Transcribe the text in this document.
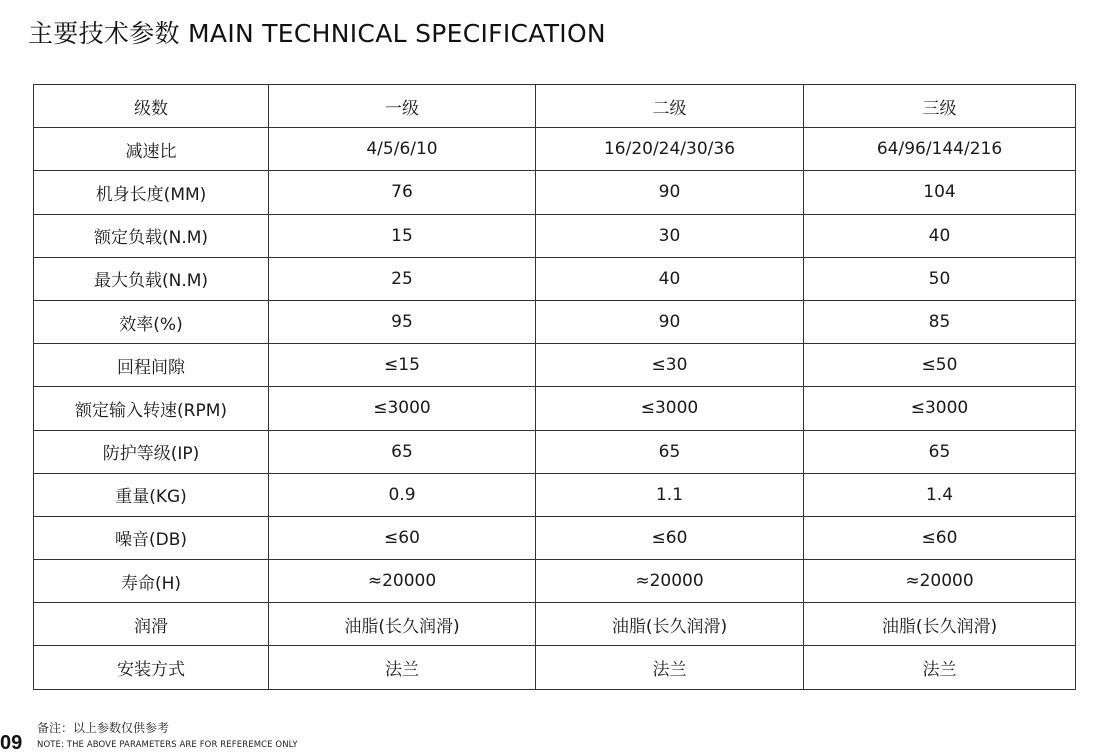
主要技术参数 MAIN TECHNICAL SPECIFICATION
级数	一级	二级	三级
减速比	4/5/6/10	16/20/24/30/36	64/96/144/216
机身长度(MM)	76	90	104
额定负载(N.M)	15	30	40
最大负载(N.M)	25	40	50
效率(%)	95	90	85
回程间隙	≤15	≤30	≤50
额定输入转速(RPM)	≤3000	≤3000	≤3000
防护等级(IP)	65	65	65
重量(KG)	0.9	1.1	1.4
噪音(DB)	≤60	≤60	≤60
寿命(H)	≈20000	≈20000	≈20000
润滑	油脂(长久润滑)	油脂(长久润滑)	油脂(长久润滑)
安装方式	法兰	法兰	法兰
09
备注：以上参数仅供参考
NOTE: THE ABOVE PARAMETERS ARE FOR REFEREMCE ONLY
